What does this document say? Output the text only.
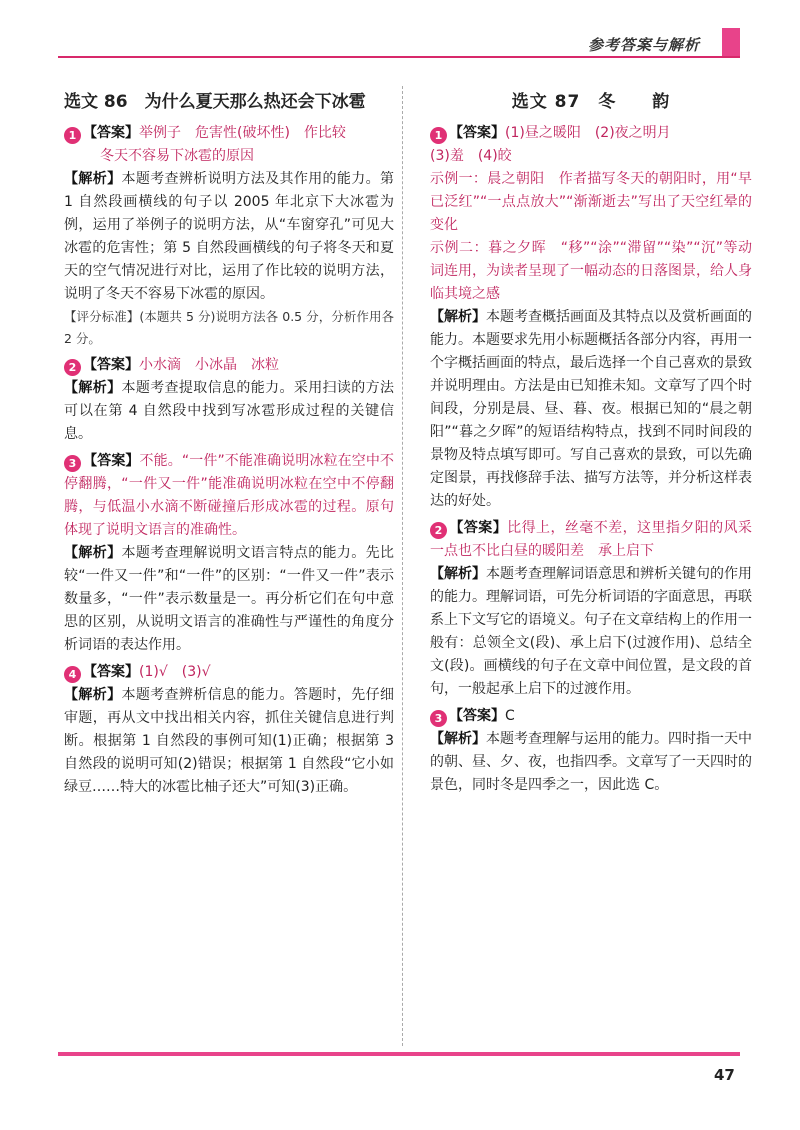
参考答案与解析
选文 86　为什么夏天那么热还会下冰雹

1 【答案】举例子　危害性(破坏性)　作比较

冬天不容易下冰雹的原因

【解析】本题考查辨析说明方法及其作用的能力。第 1 自然段画横线的句子以 2005 年北京下大冰雹为例，运用了举例子的说明方法，从“车窗穿孔”可见大冰雹的危害性；第 5 自然段画横线的句子将冬天和夏天的空气情况进行对比，运用了作比较的说明方法，说明了冬天不容易下冰雹的原因。

【评分标准】(本题共 5 分)说明方法各 0.5 分，分析作用各 2 分。

2 【答案】小水滴　小冰晶　冰粒

【解析】本题考查提取信息的能力。采用扫读的方法可以在第 4 自然段中找到写冰雹形成过程的关键信息。

3 【答案】不能。“一件”不能准确说明冰粒在空中不停翻腾，“一件又一件”能准确说明冰粒在空中不停翻腾，与低温小水滴不断碰撞后形成冰雹的过程。原句体现了说明文语言的准确性。

【解析】本题考查理解说明文语言特点的能力。先比较“一件又一件”和“一件”的区别：“一件又一件”表示数量多，“一件”表示数量是一。再分析它们在句中意思的区别，从说明文语言的准确性与严谨性的角度分析词语的表达作用。

4 【答案】(1)√　(3)√

【解析】本题考查辨析信息的能力。答题时，先仔细审题，再从文中找出相关内容，抓住关键信息进行判断。根据第 1 自然段的事例可知(1)正确；根据第 3 自然段的说明可知(2)错误；根据第 1 自然段“它小如绿豆……特大的冰雹比柚子还大”可知(3)正确。

选文 87　冬　　韵

1 【答案】(1)昼之暖阳　(2)夜之明月

(3)羞　(4)皎

示例一：晨之朝阳　作者描写冬天的朝阳时，用“早已泛红”“一点点放大”“渐渐逝去”写出了天空红晕的变化

示例二：暮之夕晖　“移”“涂”“滞留”“染”“沉”等动词连用，为读者呈现了一幅动态的日落图景，给人身临其境之感

【解析】本题考查概括画面及其特点以及赏析画面的能力。本题要求先用小标题概括各部分内容，再用一个字概括画面的特点，最后选择一个自己喜欢的景致并说明理由。方法是由已知推未知。文章写了四个时间段，分别是晨、昼、暮、夜。根据已知的“晨之朝阳”“暮之夕晖”的短语结构特点，找到不同时间段的景物及特点填写即可。写自己喜欢的景致，可以先确定图景，再找修辞手法、描写方法等，并分析这样表达的好处。

2 【答案】比得上，丝毫不差，这里指夕阳的风采一点也不比白昼的暖阳差　承上启下

【解析】本题考查理解词语意思和辨析关键句的作用的能力。理解词语，可先分析词语的字面意思，再联系上下文写它的语境义。句子在文章结构上的作用一般有：总领全文(段)、承上启下(过渡作用)、总结全文(段)。画横线的句子在文章中间位置，是文段的首句，一般起承上启下的过渡作用。

3 【答案】C

【解析】本题考查理解与运用的能力。四时指一天中的朝、昼、夕、夜，也指四季。文章写了一天四时的景色，同时冬是四季之一，因此选 C。

47
